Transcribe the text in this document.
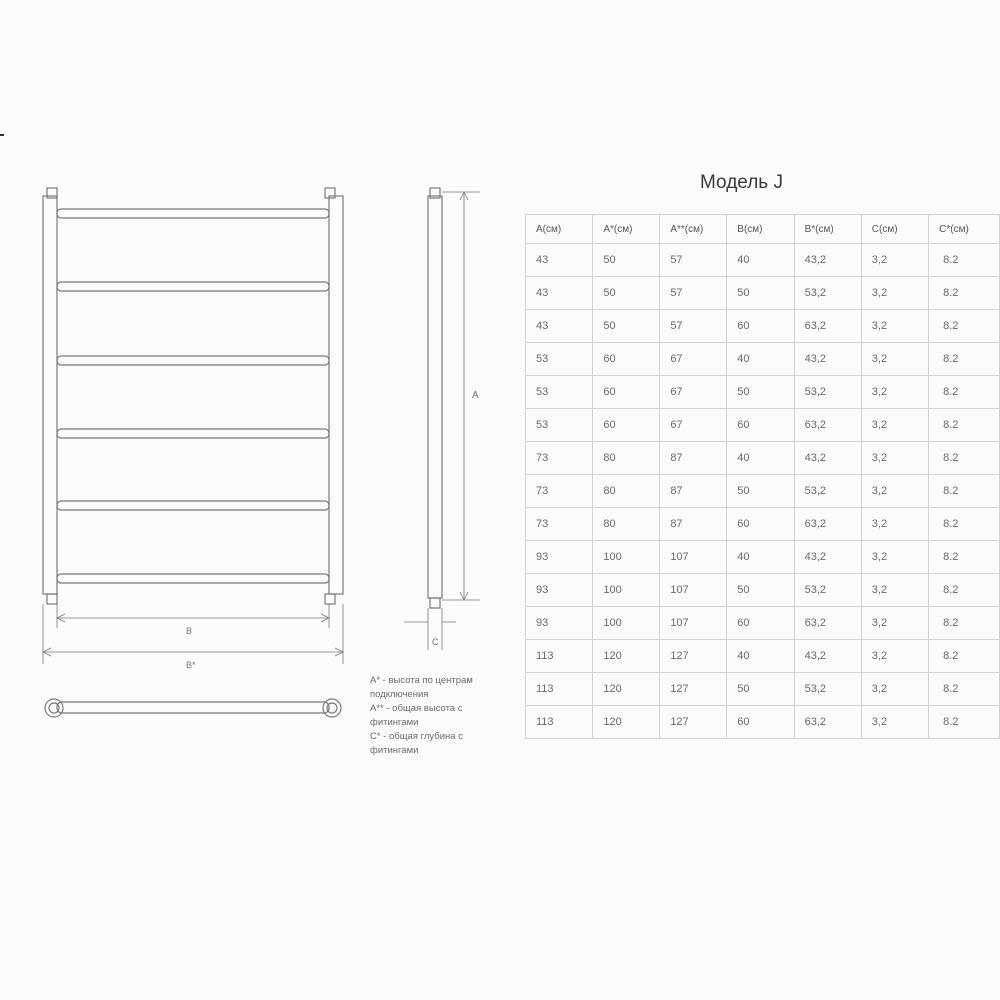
A
B
B*
C

A* - высота по центрам подключения

A** - общая высота с фитингами

C* - общая глубина с фитингами

Модель J
A(см)	A*(см)	A**(см)	B(см)	B*(см)	C(см)	C*(см)
43	50	57	40	43,2	3,2	8.2
43	50	57	50	53,2	3,2	8.2
43	50	57	60	63,2	3,2	8.2
53	60	67	40	43,2	3,2	8.2
53	60	67	50	53,2	3,2	8.2
53	60	67	60	63,2	3,2	8.2
73	80	87	40	43,2	3,2	8.2
73	80	87	50	53,2	3,2	8.2
73	80	87	60	63,2	3,2	8.2
93	100	107	40	43,2	3,2	8.2
93	100	107	50	53,2	3,2	8.2
93	100	107	60	63,2	3,2	8.2
113	120	127	40	43,2	3,2	8.2
113	120	127	50	53,2	3,2	8.2
113	120	127	60	63,2	3,2	8.2
